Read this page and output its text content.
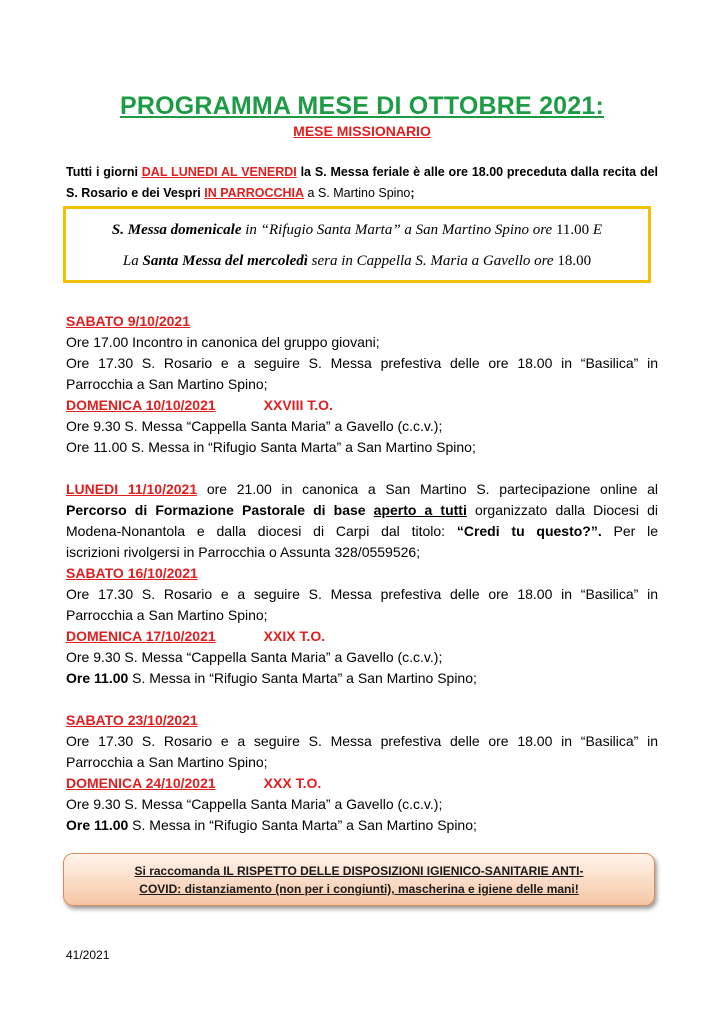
PROGRAMMA MESE DI OTTOBRE 2021:
MESE MISSIONARIO
Tutti i giorni DAL LUNEDI AL VENERDI la S. Messa feriale è alle ore 18.00 preceduta dalla recita del
S. Rosario e dei Vespri IN PARROCCHIA a S. Martino Spino;
S. Messa domenicale in “Rifugio Santa Marta” a San Martino Spino ore 11.00 E
La Santa Messa del mercoledì sera in Cappella S. Maria a Gavello ore 18.00
SABATO 9/10/2021
Ore 17.00 Incontro in canonica del gruppo giovani;
Ore 17.30 S. Rosario e a seguire S. Messa prefestiva delle ore 18.00 in “Basilica” in
Parrocchia a San Martino Spino;
DOMENICA 10/10/2021	XXVIII T.O.
Ore 9.30 S. Messa “Cappella Santa Maria” a Gavello (c.c.v.);
Ore 11.00 S. Messa in “Rifugio Santa Marta” a San Martino Spino;
LUNEDI 11/10/2021 ore 21.00 in canonica a San Martino S. partecipazione online al
Percorso di Formazione Pastorale di base aperto a tutti organizzato dalla Diocesi di
Modena-Nonantola e dalla diocesi di Carpi dal titolo: “Credi tu questo?”. Per le
iscrizioni rivolgersi in Parrocchia o Assunta 328/0559526;
SABATO 16/10/2021
Ore 17.30 S. Rosario e a seguire S. Messa prefestiva delle ore 18.00 in “Basilica” in
Parrocchia a San Martino Spino;
DOMENICA 17/10/2021	XXIX T.O.
Ore 9.30 S. Messa “Cappella Santa Maria” a Gavello (c.c.v.);
Ore 11.00 S. Messa in “Rifugio Santa Marta” a San Martino Spino;
SABATO 23/10/2021
Ore 17.30 S. Rosario e a seguire S. Messa prefestiva delle ore 18.00 in “Basilica” in
Parrocchia a San Martino Spino;
DOMENICA 24/10/2021	XXX T.O.
Ore 9.30 S. Messa “Cappella Santa Maria” a Gavello (c.c.v.);
Ore 11.00 S. Messa in “Rifugio Santa Marta” a San Martino Spino;
Si raccomanda IL RISPETTO DELLE DISPOSIZIONI IGIENICO-SANITARIE ANTI-
COVID: distanziamento (non per i congiunti), mascherina e igiene delle mani!
41/2021
